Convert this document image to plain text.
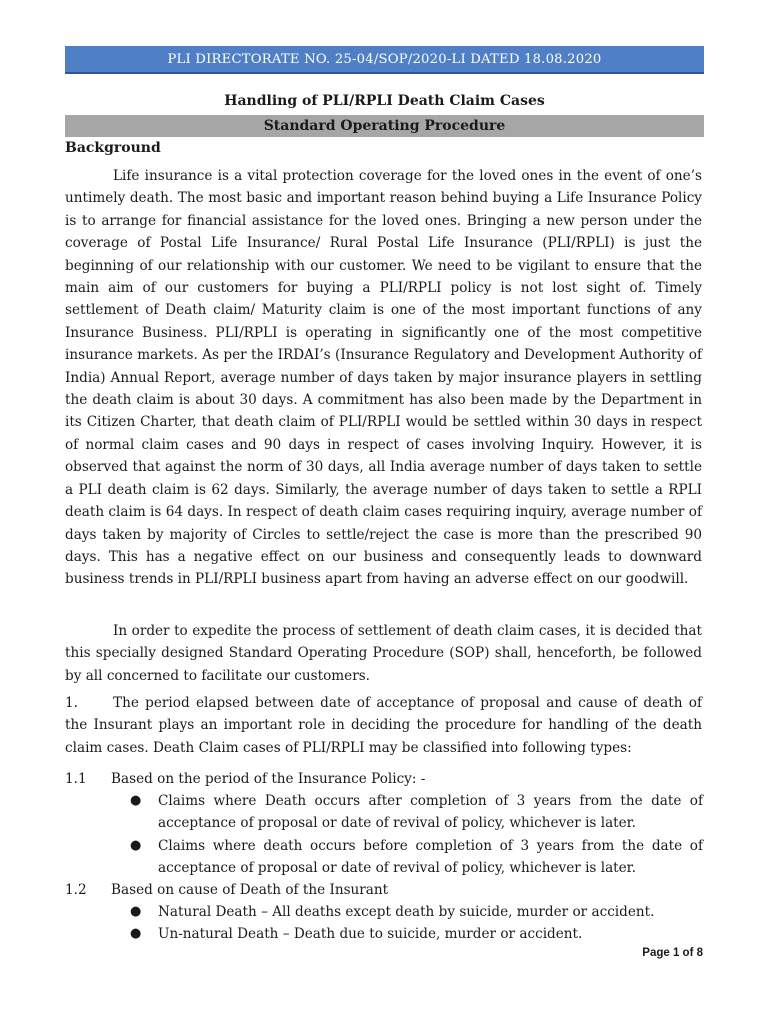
PLI DIRECTORATE NO. 25-04/SOP/2020-LI DATED 18.08.2020
Handling of PLI/RPLI Death Claim Cases
Standard Operating Procedure
Background

Life insurance is a vital protection coverage for the loved ones in the event of one’s untimely death. The most basic and important reason behind buying a Life Insurance Policy is to arrange for financial assistance for the loved ones. Bringing a new person under the coverage of Postal Life Insurance/ Rural Postal Life Insurance (PLI/RPLI) is just the beginning of our relationship with our customer. We need to be vigilant to ensure that the main aim of our customers for buying a PLI/RPLI policy is not lost sight of. Timely settlement of Death claim/ Maturity claim is one of the most important functions of any Insurance Business. PLI/RPLI is operating in significantly one of the most competitive insurance markets. As per the IRDAI’s (Insurance Regulatory and Development Authority of India) Annual Report, average number of days taken by major insurance players in settling the death claim is about 30 days. A commitment has also been made by the Department in its Citizen Charter, that death claim of PLI/RPLI would be settled within 30 days in respect of normal claim cases and 90 days in respect of cases involving Inquiry. However, it is observed that against the norm of 30 days, all India average number of days taken to settle a PLI death claim is 62 days. Similarly, the average number of days taken to settle a RPLI death claim is 64 days. In respect of death claim cases requiring inquiry, average number of days taken by majority of Circles to settle/reject the case is more than the prescribed 90 days. This has a negative effect on our business and consequently leads to downward business trends in PLI/RPLI business apart from having an adverse effect on our goodwill.

In order to expedite the process of settlement of death claim cases, it is decided that this specially designed Standard Operating Procedure (SOP) shall, henceforth, be followed by all concerned to facilitate our customers.

1.	The period elapsed between date of acceptance of proposal and cause of death of the Insurant plays an important role in deciding the procedure for handling of the death claim cases. Death Claim cases of PLI/RPLI may be classified into following types:

1.1 Based on the period of the Insurance Policy: -
● Claims where Death occurs after completion of 3 years from the date of acceptance of proposal or date of revival of policy, whichever is later.
● Claims where death occurs before completion of 3 years from the date of acceptance of proposal or date of revival of policy, whichever is later.
1.2 Based on cause of Death of the Insurant
● Natural Death – All deaths except death by suicide, murder or accident.
● Un-natural Death – Death due to suicide, murder or accident.
Page 1 of 8
